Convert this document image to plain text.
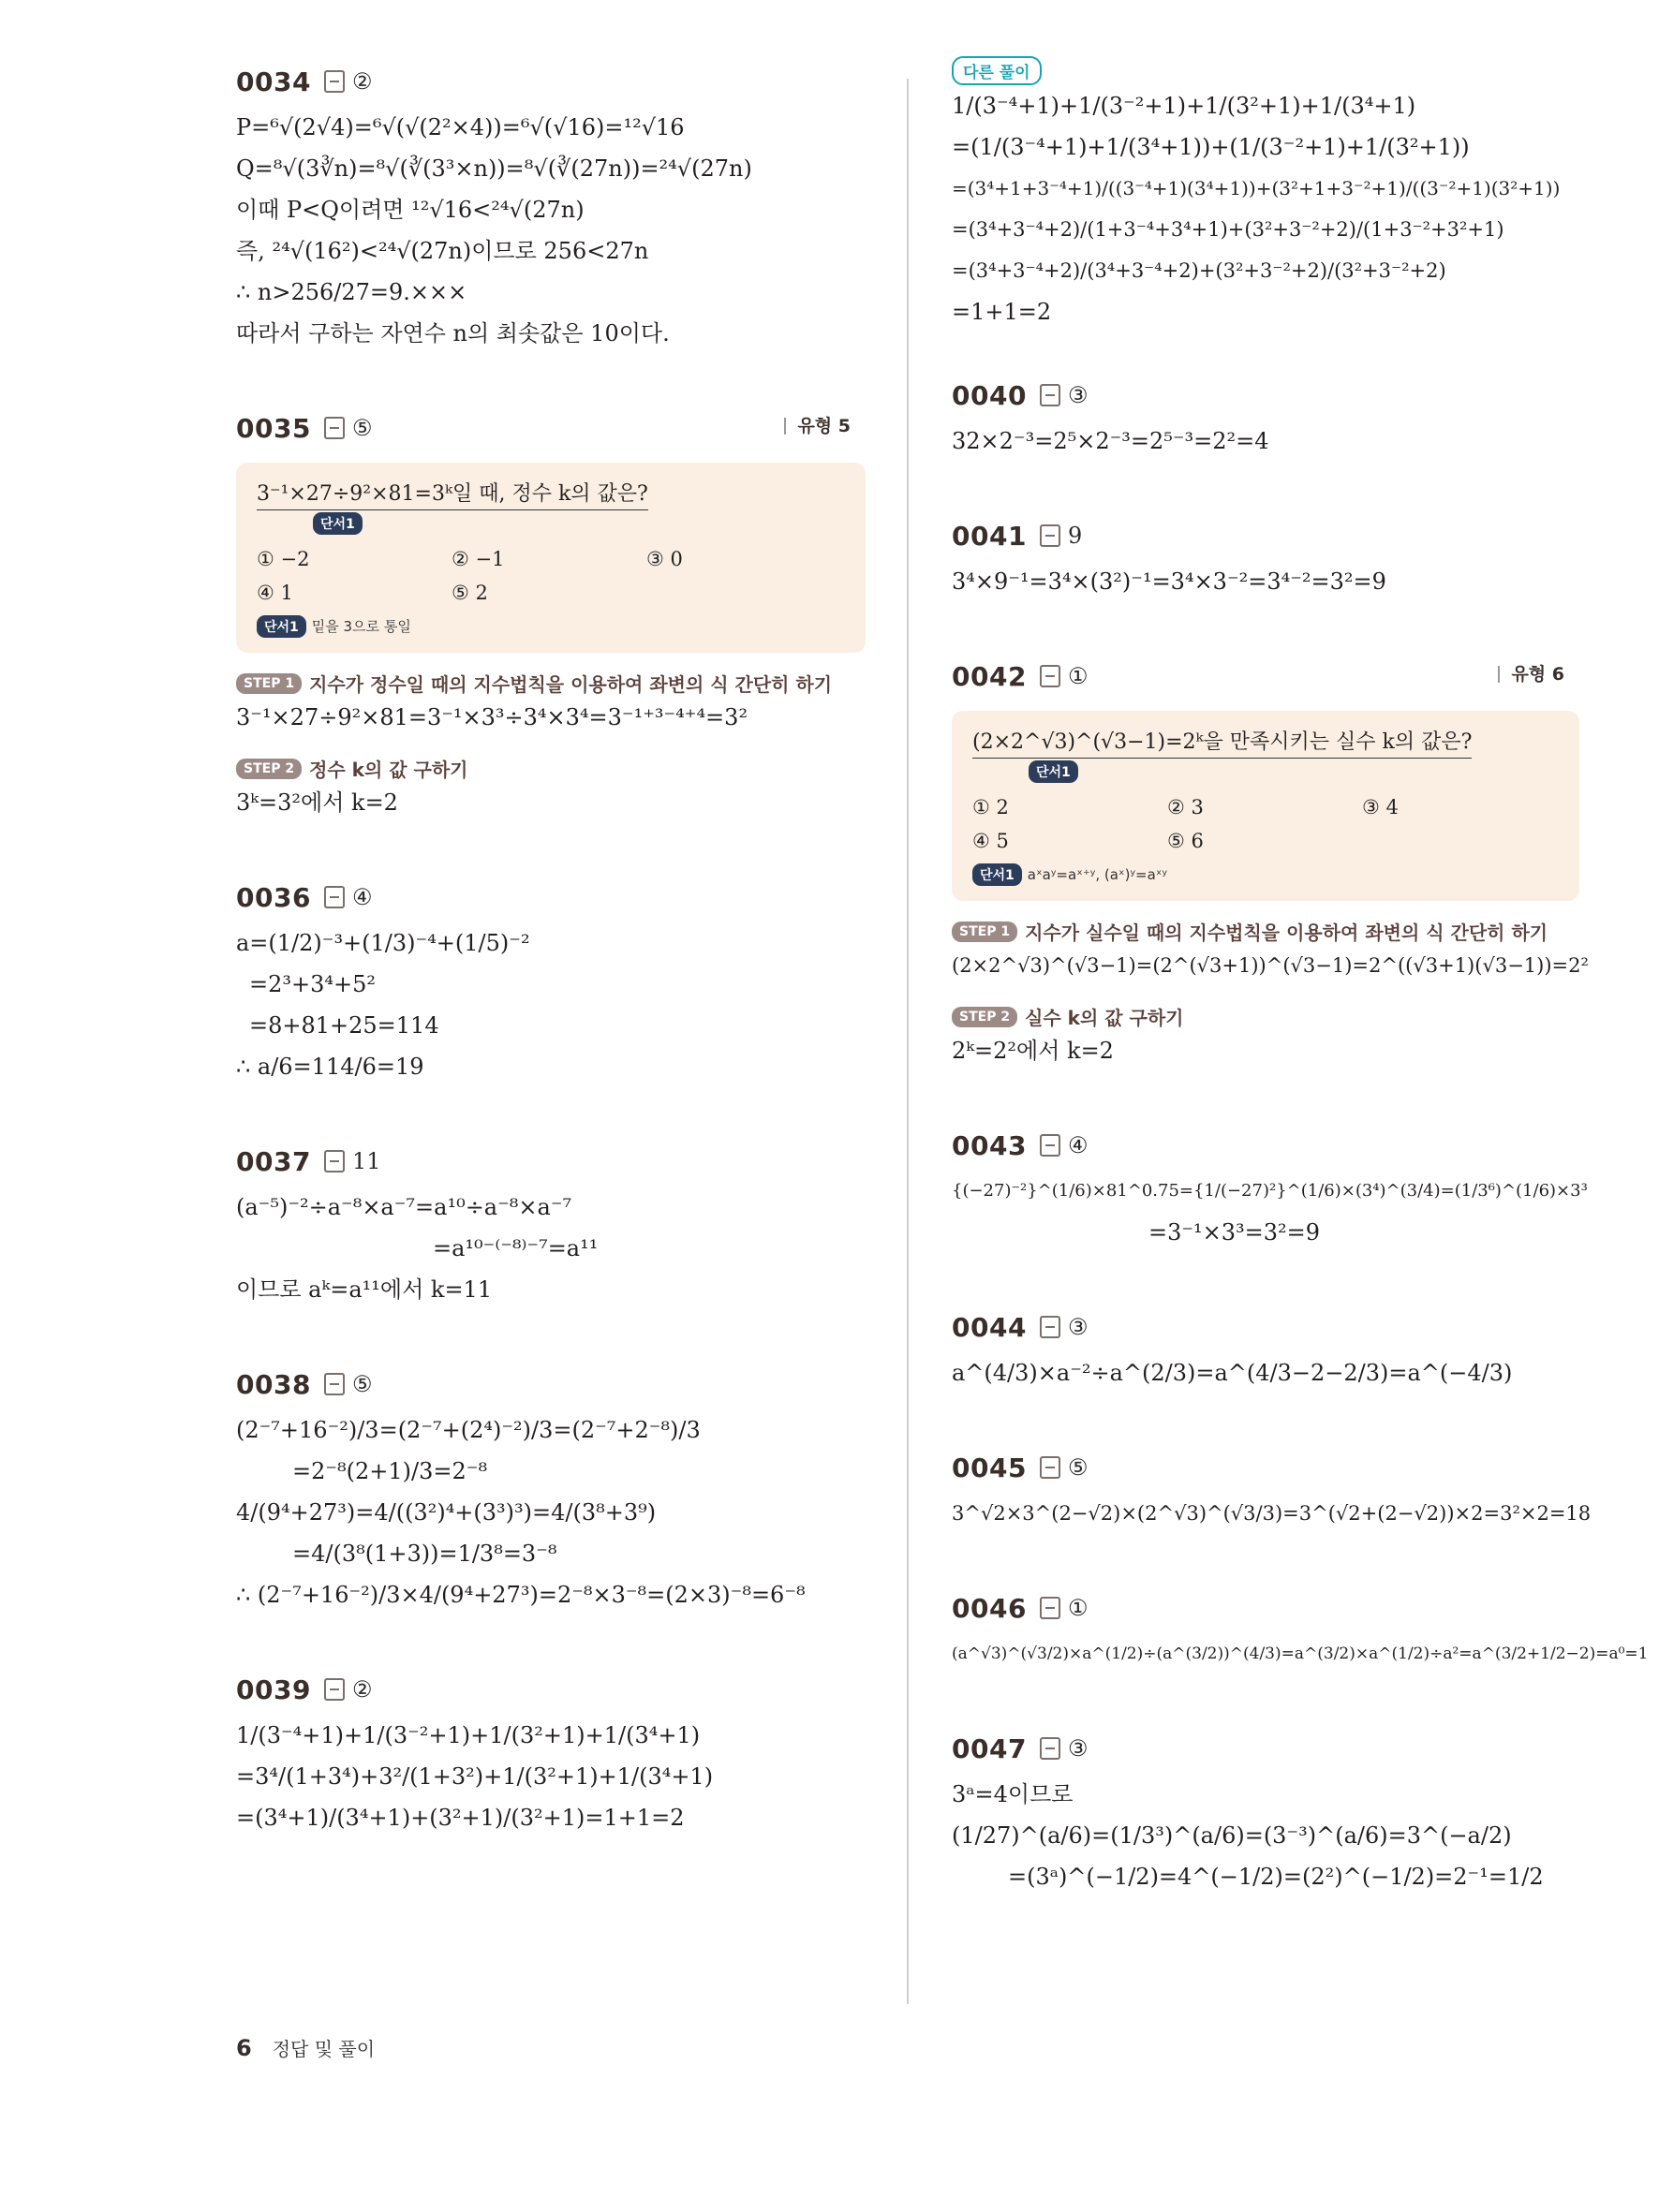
0034 ②
P=⁶√(2√4)=⁶√(√(2²×4))=⁶√(√16)=¹²√16
Q=⁸√(3∛n)=⁸√(∛(3³×n))=⁸√(∛(27n))=²⁴√(27n)
이때 P<Q이려면 ¹²√16<²⁴√(27n)
즉, ²⁴√(16²)<²⁴√(27n)이므로 256<27n
∴ n>256/27=9.×××
따라서 구하는 자연수 n의 최솟값은 10이다.
0035 ⑤	유형 5
3⁻¹×27÷9²×81=3ᵏ일 때, 정수 k의 값은?
단서1
① −2	② −1	③ 0
④ 1	⑤ 2
단서1 밑을 3으로 통일
STEP 1 지수가 정수일 때의 지수법칙을 이용하여 좌변의 식 간단히 하기
3⁻¹×27÷9²×81=3⁻¹×3³÷3⁴×3⁴=3⁻¹⁺³⁻⁴⁺⁴=3²
STEP 2 정수 k의 값 구하기
3ᵏ=3²에서 k=2
0036 ④
a=(1/2)⁻³+(1/3)⁻⁴+(1/5)⁻²
=2³+3⁴+5²
=8+81+25=114
∴ a/6=114/6=19
0037 11
(a⁻⁵)⁻²÷a⁻⁸×a⁻⁷=a¹⁰÷a⁻⁸×a⁻⁷
=a¹⁰⁻⁽⁻⁸⁾⁻⁷=a¹¹
이므로 aᵏ=a¹¹에서 k=11
0038 ⑤
(2⁻⁷+16⁻²)/3=(2⁻⁷+(2⁴)⁻²)/3=(2⁻⁷+2⁻⁸)/3
=2⁻⁸(2+1)/3=2⁻⁸
4/(9⁴+27³)=4/((3²)⁴+(3³)³)=4/(3⁸+3⁹)
=4/(3⁸(1+3))=1/3⁸=3⁻⁸
∴ (2⁻⁷+16⁻²)/3×4/(9⁴+27³)=2⁻⁸×3⁻⁸=(2×3)⁻⁸=6⁻⁸
0039 ②
1/(3⁻⁴+1)+1/(3⁻²+1)+1/(3²+1)+1/(3⁴+1)
=3⁴/(1+3⁴)+3²/(1+3²)+1/(3²+1)+1/(3⁴+1)
=(3⁴+1)/(3⁴+1)+(3²+1)/(3²+1)=1+1=2
다른 풀이
1/(3⁻⁴+1)+1/(3⁻²+1)+1/(3²+1)+1/(3⁴+1)
=(1/(3⁻⁴+1)+1/(3⁴+1))+(1/(3⁻²+1)+1/(3²+1))
=(3⁴+1+3⁻⁴+1)/((3⁻⁴+1)(3⁴+1))+(3²+1+3⁻²+1)/((3⁻²+1)(3²+1))
=(3⁴+3⁻⁴+2)/(1+3⁻⁴+3⁴+1)+(3²+3⁻²+2)/(1+3⁻²+3²+1)
=(3⁴+3⁻⁴+2)/(3⁴+3⁻⁴+2)+(3²+3⁻²+2)/(3²+3⁻²+2)
=1+1=2
0040 ③
32×2⁻³=2⁵×2⁻³=2⁵⁻³=2²=4
0041 9
3⁴×9⁻¹=3⁴×(3²)⁻¹=3⁴×3⁻²=3⁴⁻²=3²=9
0042 ①	유형 6
(2×2^√3)^(√3−1)=2ᵏ을 만족시키는 실수 k의 값은?
단서1
① 2	② 3	③ 4
④ 5	⑤ 6
단서1 aˣaʸ=aˣ⁺ʸ, (aˣ)ʸ=aˣʸ
STEP 1 지수가 실수일 때의 지수법칙을 이용하여 좌변의 식 간단히 하기
(2×2^√3)^(√3−1)=(2^(√3+1))^(√3−1)=2^((√3+1)(√3−1))=2²
STEP 2 실수 k의 값 구하기
2ᵏ=2²에서 k=2
0043 ④
{(−27)⁻²}^(1/6)×81^0.75={1/(−27)²}^(1/6)×(3⁴)^(3/4)=(1/3⁶)^(1/6)×3³
=3⁻¹×3³=3²=9
0044 ③
a^(4/3)×a⁻²÷a^(2/3)=a^(4/3−2−2/3)=a^(−4/3)
0045 ⑤
3^√2×3^(2−√2)×(2^√3)^(√3/3)=3^(√2+(2−√2))×2=3²×2=18
0046 ①
(a^√3)^(√3/2)×a^(1/2)÷(a^(3/2))^(4/3)=a^(3/2)×a^(1/2)÷a²=a^(3/2+1/2−2)=a⁰=1
0047 ③
3ᵃ=4이므로
(1/27)^(a/6)=(1/3³)^(a/6)=(3⁻³)^(a/6)=3^(−a/2)
=(3ᵃ)^(−1/2)=4^(−1/2)=(2²)^(−1/2)=2⁻¹=1/2
6 정답 및 풀이
